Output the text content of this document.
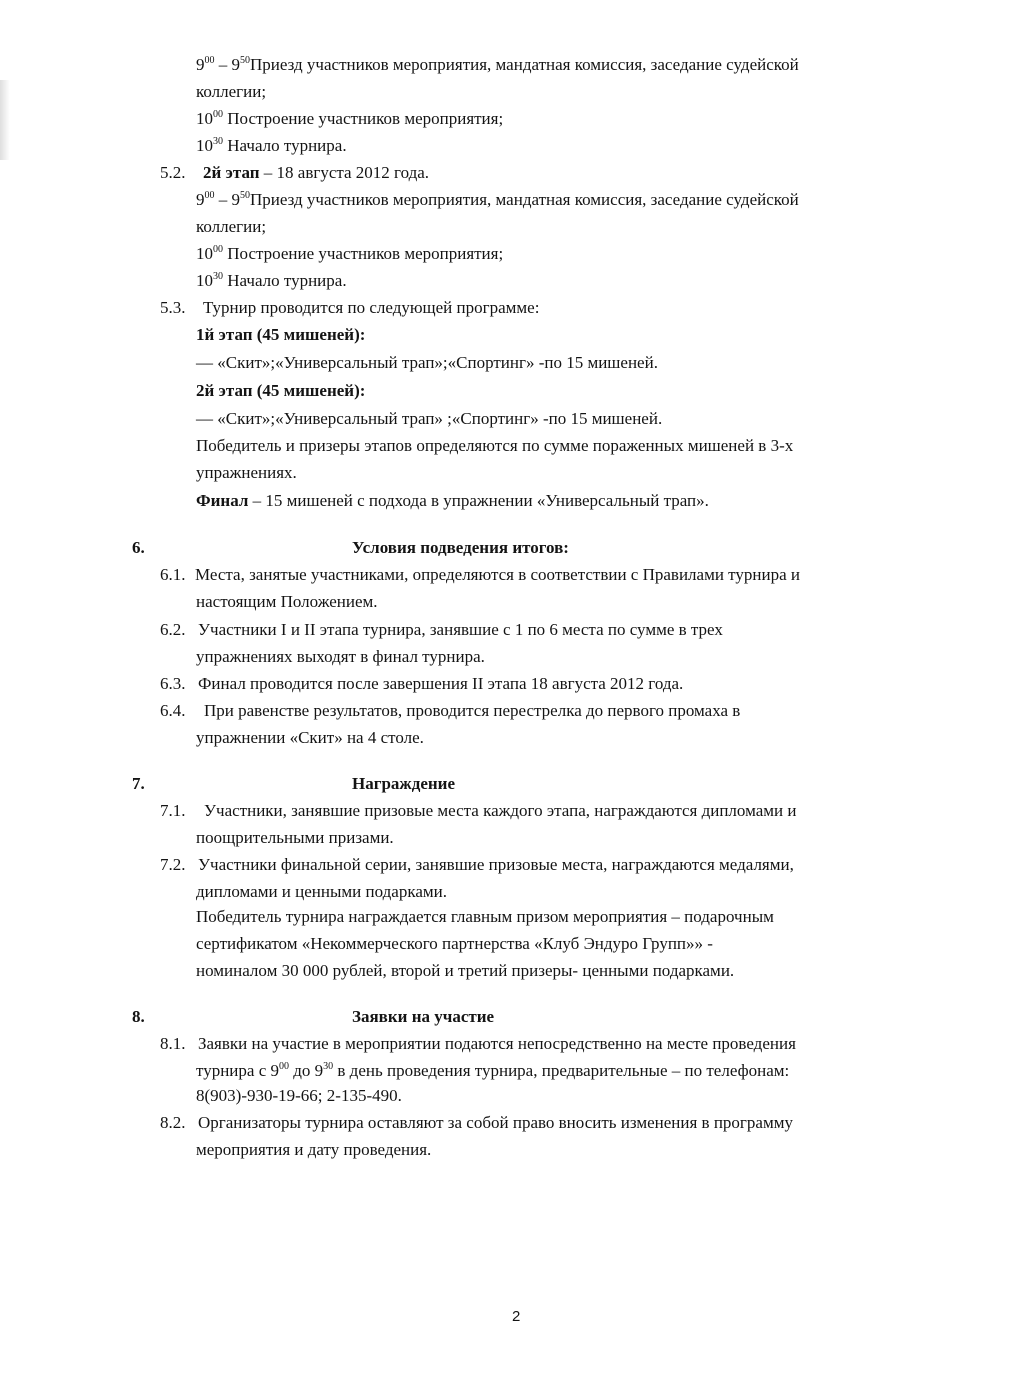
$9^{00}$ – $9^{50}Приезд$ участников мероприятия, мандатная комиссия, заседание судейской
коллегии;
$10^{00}$ Построение участников мероприятия;
$10^{30}$ Начало турнира.
5.2. 2й этап – 18 августа 2012 года.
$9^{00}$ – $9^{50}Приезд$ участников мероприятия, мандатная комиссия, заседание судейской
коллегии;
$10^{00}$ Построение участников мероприятия;
$10^{30}$ Начало турнира.
5.3. Турнир проводится по следующей программе:
1й этап (45 мишеней):
— «Скит»;«Универсальный трап»;«Спортинг» -по 15 мишеней.
2й этап (45 мишеней):
— «Скит»;«Универсальный трап» ;«Спортинг» -по 15 мишеней.
Победитель и призеры этапов определяются по сумме пораженных мишеней в 3-х
упражнениях.
Финал – 15 мишеней с подхода в упражнении «Универсальный трап».
6.	Условия подведения итогов:
6.1. Места, занятые участниками, определяются в соответствии с Правилами турнира и
настоящим Положением.
6.2. Участники I и II этапа турнира, занявшие с 1 по 6 места по сумме в трех
упражнениях выходят в финал турнира.
6.3. Финал проводится после завершения II этапа 18 августа 2012 года.
6.4. При равенстве результатов, проводится перестрелка до первого промаха в
упражнении «Скит» на 4 столе.
7.	Награждение
7.1. Участники, занявшие призовые места каждого этапа, награждаются дипломами и
поощрительными призами.
7.2. Участники финальной серии, занявшие призовые места, награждаются медалями,
дипломами и ценными подарками.
Победитель турнира награждается главным призом мероприятия – подарочным
сертификатом «Некоммерческого партнерства «Клуб Эндуро Групп»» -
номиналом 30 000 рублей, второй и третий призеры- ценными подарками.
8.	Заявки на участие
8.1. Заявки на участие в мероприятии подаются непосредственно на месте проведения
турнира с $9^{00}$ до $9^{30}$ в день проведения турнира, предварительные – по телефонам:
8(903)-930-19-66; 2-135-490.
8.2. Организаторы турнира оставляют за собой право вносить изменения в программу
мероприятия и дату проведения.
2
